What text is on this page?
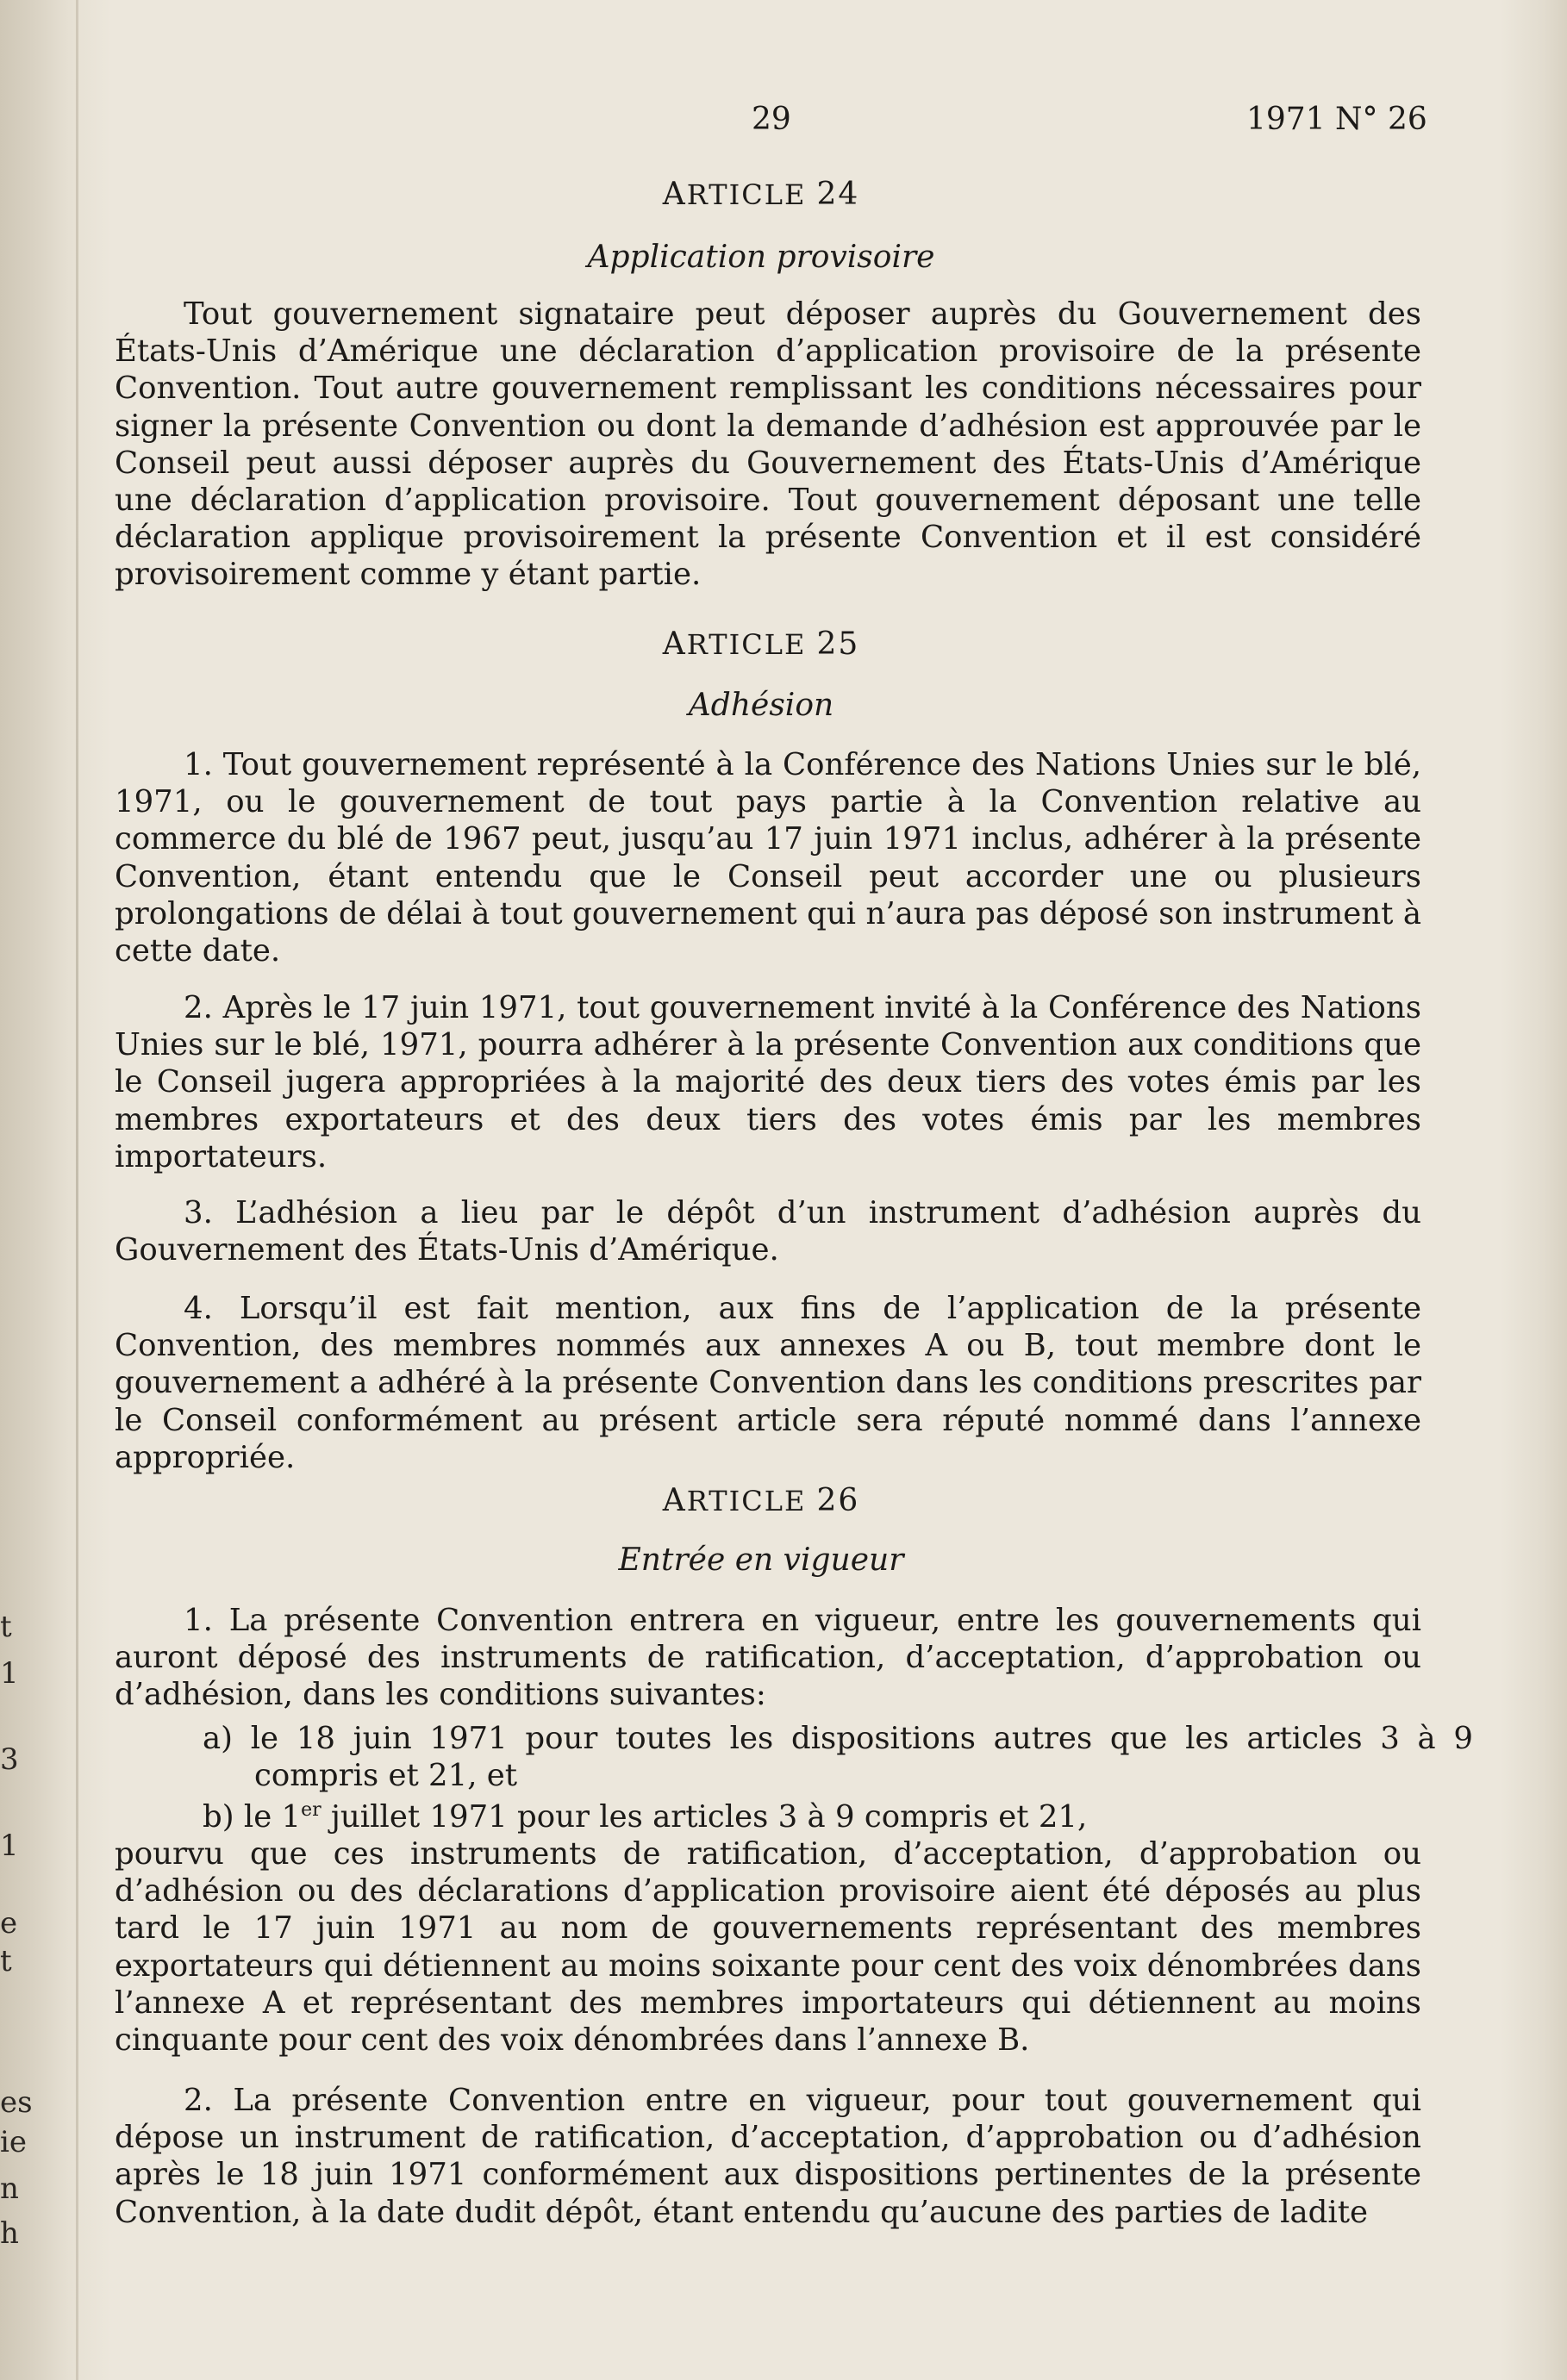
t
1
3
1
e
t
es
ie
n
h
29	1971 N° 26
ARTICLE 24
Application provisoire

Tout gouvernement signataire peut déposer auprès du Gouvernement des États-Unis d’Amérique une déclaration d’application provisoire de la présente Convention. Tout autre gouvernement remplissant les conditions nécessaires pour signer la présente Convention ou dont la demande d’adhésion est approuvée par le Conseil peut aussi déposer auprès du Gouvernement des États-Unis d’Amérique une déclaration d’application provisoire. Tout gouvernement déposant une telle déclaration applique provisoirement la présente Convention et il est considéré provisoirement comme y étant partie.

ARTICLE 25
Adhésion

1. Tout gouvernement représenté à la Conférence des Nations Unies sur le blé, 1971, ou le gouvernement de tout pays partie à la Convention relative au commerce du blé de 1967 peut, jusqu’au 17 juin 1971 inclus, adhérer à la présente Convention, étant entendu que le Conseil peut accorder une ou plusieurs prolongations de délai à tout gouvernement qui n’aura pas déposé son instrument à cette date.

2. Après le 17 juin 1971, tout gouvernement invité à la Conférence des Nations Unies sur le blé, 1971, pourra adhérer à la présente Convention aux conditions que le Conseil jugera appropriées à la majorité des deux tiers des votes émis par les membres exportateurs et des deux tiers des votes émis par les membres importateurs.

3. L’adhésion a lieu par le dépôt d’un instrument d’adhésion auprès du Gouvernement des États-Unis d’Amérique.

4. Lorsqu’il est fait mention, aux fins de l’application de la présente Convention, des membres nommés aux annexes A ou B, tout membre dont le gouvernement a adhéré à la présente Convention dans les conditions prescrites par le Conseil conformément au présent article sera réputé nommé dans l’annexe appropriée.

ARTICLE 26
Entrée en vigueur

1. La présente Convention entrera en vigueur, entre les gouvernements qui auront déposé des instruments de ratification, d’acceptation, d’approbation ou d’adhésion, dans les conditions suivantes:

a) le 18 juin 1971 pour toutes les dispositions autres que les articles 3 à 9 compris et 21, et

b) le 1er juillet 1971 pour les articles 3 à 9 compris et 21,

pourvu que ces instruments de ratification, d’acceptation, d’approbation ou d’adhésion ou des déclarations d’application provisoire aient été déposés au plus tard le 17 juin 1971 au nom de gouvernements représentant des membres exportateurs qui détiennent au moins soixante pour cent des voix dénombrées dans l’annexe A et représentant des membres importateurs qui détiennent au moins cinquante pour cent des voix dénombrées dans l’annexe B.

2. La présente Convention entre en vigueur, pour tout gouvernement qui dépose un instrument de ratification, d’acceptation, d’approbation ou d’adhésion après le 18 juin 1971 conformément aux dispositions pertinentes de la présente Convention, à la date dudit dépôt, étant entendu qu’aucune des parties de ladite
